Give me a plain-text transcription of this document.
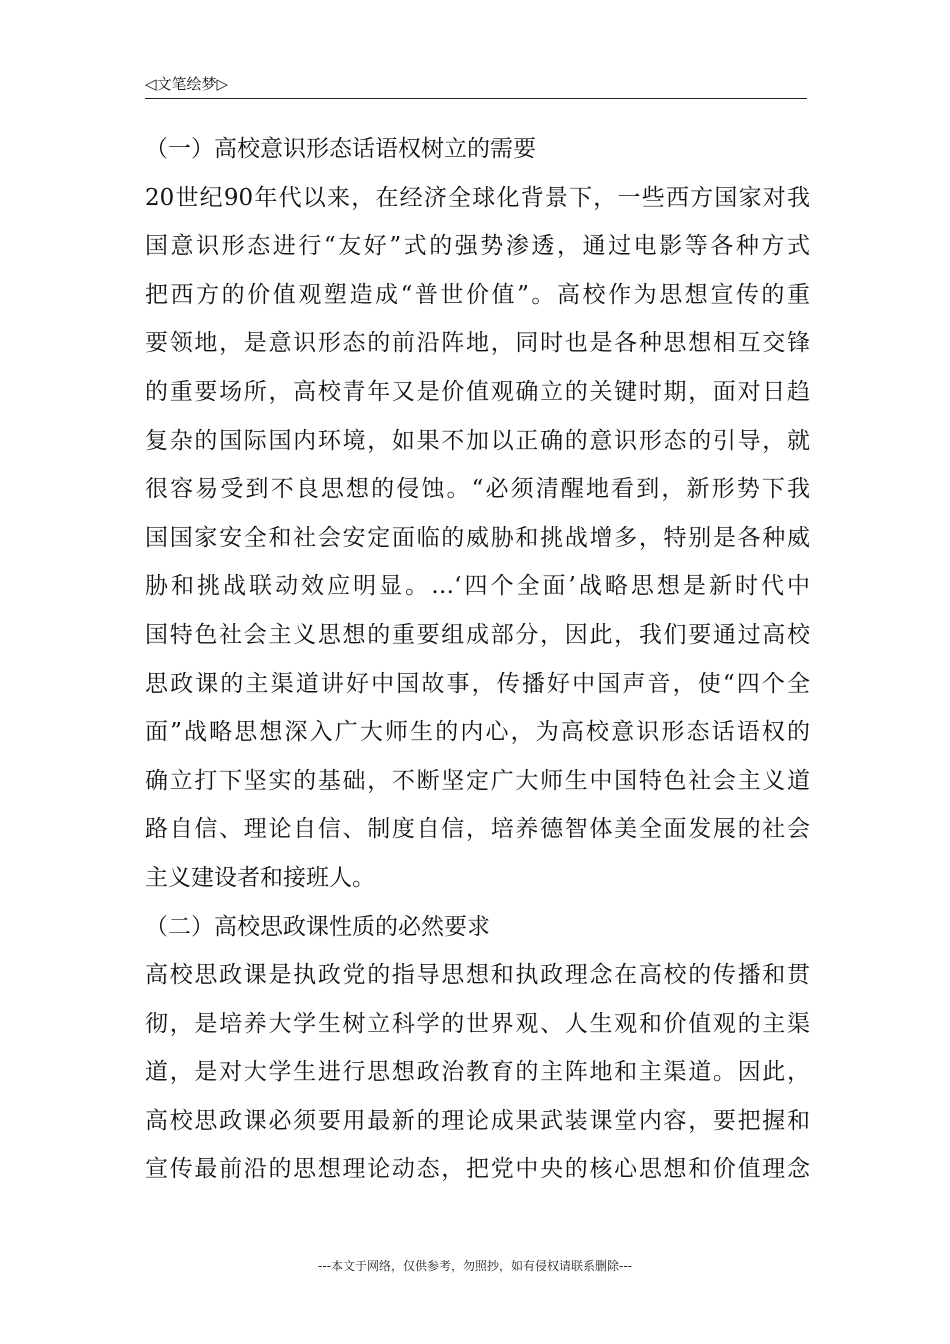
◁文笔绘梦▷
（一）高校意识形态话语权树立的需要
20世纪90年代以来，在经济全球化背景下，一些西方国家对我
国意识形态进行“友好”式的强势渗透，通过电影等各种方式
把西方的价值观塑造成“普世价值”。高校作为思想宣传的重
要领地，是意识形态的前沿阵地，同时也是各种思想相互交锋
的重要场所，高校青年又是价值观确立的关键时期，面对日趋
复杂的国际国内环境，如果不加以正确的意识形态的引导，就
很容易受到不良思想的侵蚀。“必须清醒地看到，新形势下我
国国家安全和社会安定面临的威胁和挑战增多，特别是各种威
胁和挑战联动效应明显。…‘四个全面’战略思想是新时代中
国特色社会主义思想的重要组成部分，因此，我们要通过高校
思政课的主渠道讲好中国故事，传播好中国声音，使“四个全
面”战略思想深入广大师生的内心，为高校意识形态话语权的
确立打下坚实的基础，不断坚定广大师生中国特色社会主义道
路自信、理论自信、制度自信，培养德智体美全面发展的社会
主义建设者和接班人。
（二）高校思政课性质的必然要求
高校思政课是执政党的指导思想和执政理念在高校的传播和贯
彻，是培养大学生树立科学的世界观、人生观和价值观的主渠
道，是对大学生进行思想政治教育的主阵地和主渠道。因此，
高校思政课必须要用最新的理论成果武装课堂内容，要把握和
宣传最前沿的思想理论动态，把党中央的核心思想和价值理念
---本文于网络，仅供参考，勿照抄，如有侵权请联系删除---
